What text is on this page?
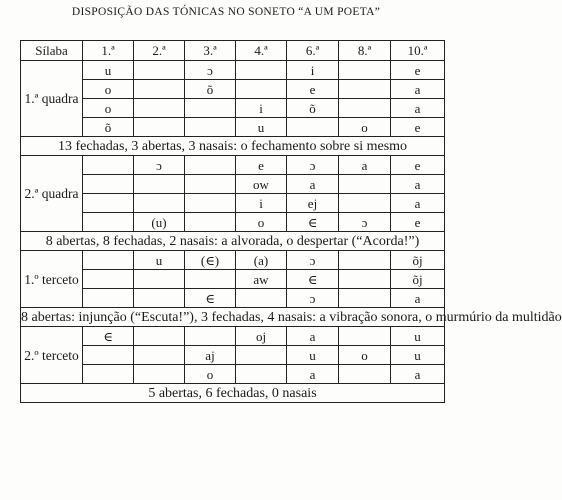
DISPOSIÇÃO DAS TÓNICAS NO SONETO “A UM POETA”
Sílaba	1.ª	2.ª	3.ª	4.ª	6.ª	8.ª	10.ª
1.ª quadra	u		ɔ		i		e
	o		õ		e		a
	o			i	õ		a
	õ			u		o	e
13 fechadas, 3 abertas, 3 nasais: o fechamento sobre si mesmo							
2.ª quadra		ɔ		e	ɔ	a	e
				ow	a		a
				i	ej		a
		(u)		o	∈	ɔ	e
8 abertas, 8 fechadas, 2 nasais: a alvorada, o despertar (“Acorda!”)							
1.º terceto		u	(∈)	(a)	ɔ		õj
				aw	∈		õj
			∈		ɔ		a
8 abertas: injunção (“Escuta!”), 3 fechadas, 4 nasais: a vibração sonora, o murmúrio da multidão							
2.º terceto	∈			oj	a		u
			aj		u	o	u
			o		a		a
5 abertas, 6 fechadas, 0 nasais							
